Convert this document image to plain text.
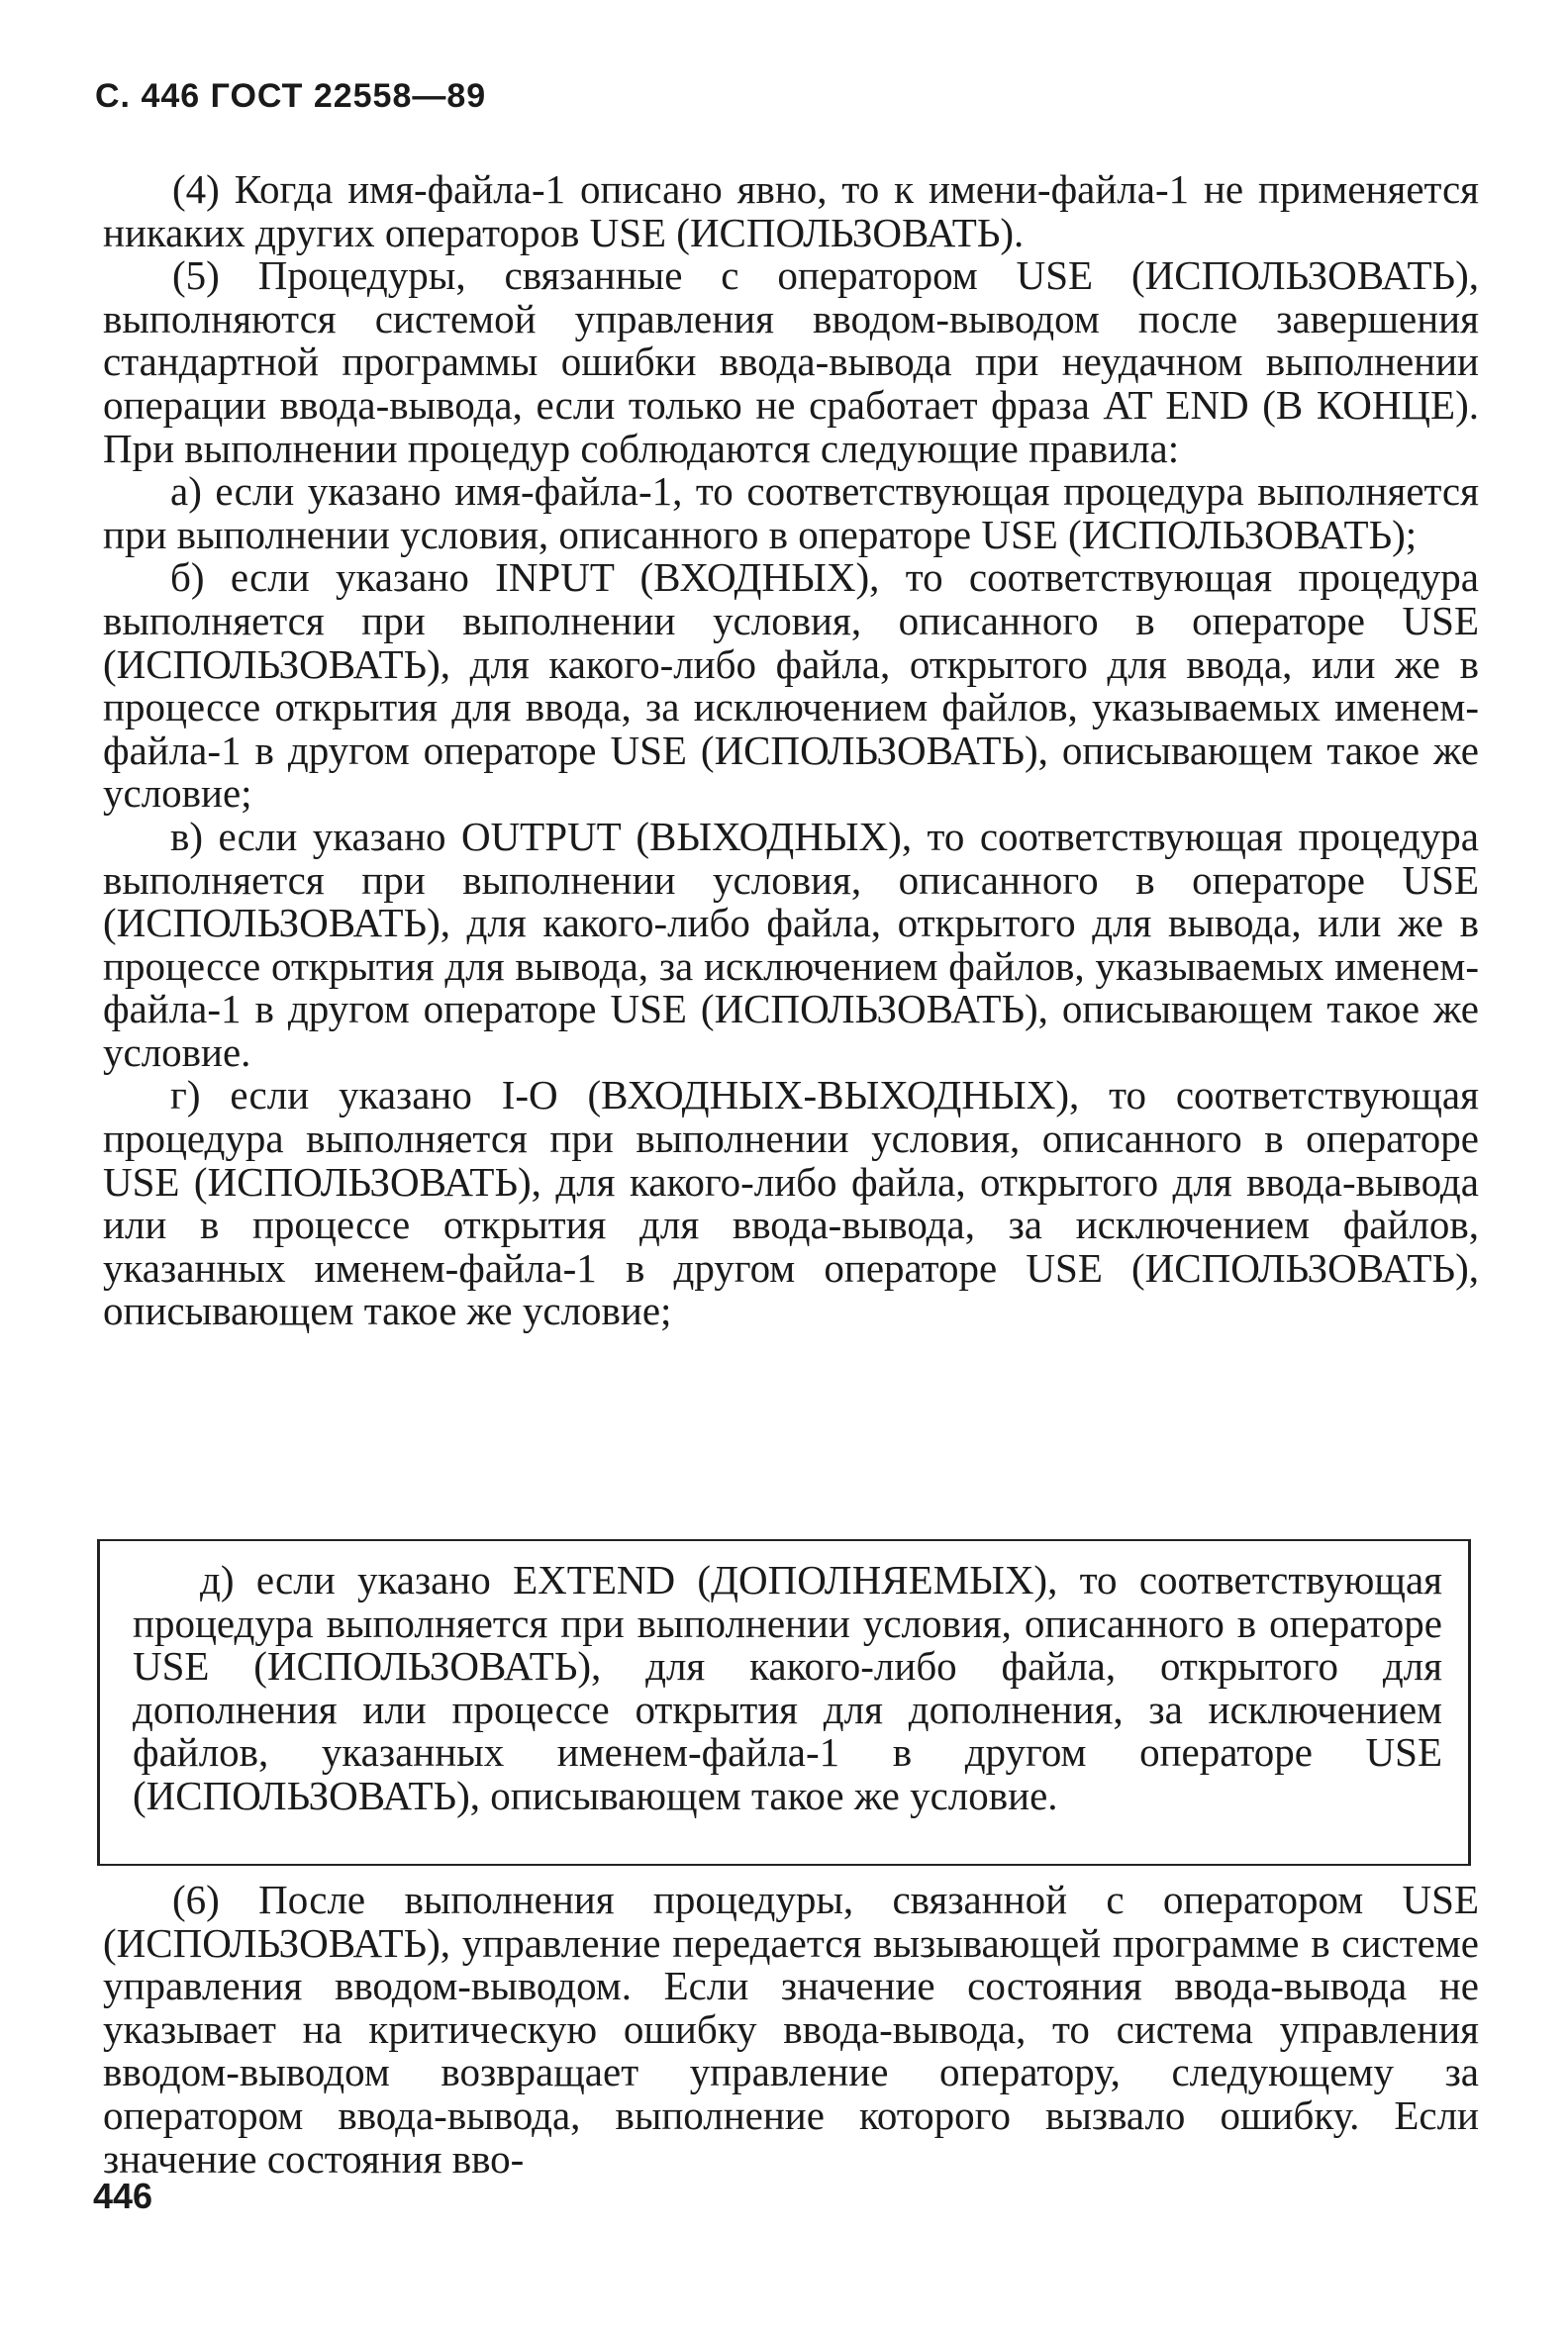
С. 446 ГОСТ 22558—89

(4) Когда имя-файла-1 описано явно, то к имени-файла-1 не применяется никаких других операторов USE (ИСПОЛЬЗОВАТЬ).

(5) Процедуры, связанные с оператором USE (ИСПОЛЬЗОВАТЬ), выполняются системой управления вводом-выводом после завершения стандартной программы ошибки ввода-вывода при неудачном выполнении операции ввода-вывода, если только не сработает фраза AT END (В КОНЦЕ). При выполнении процедур соблюдаются следующие правила:

а) если указано имя-файла-1, то соответствующая процедура выполняется при выполнении условия, описанного в операторе USE (ИСПОЛЬЗОВАТЬ);

б) если указано INPUT (ВХОДНЫХ), то соответствующая процедура выполняется при выполнении условия, описанного в операторе USE (ИСПОЛЬЗОВАТЬ), для какого-либо файла, открытого для ввода, или же в процессе открытия для ввода, за исключением файлов, указываемых именем-файла-1 в другом операторе USE (ИСПОЛЬЗОВАТЬ), описывающем такое же условие;

в) если указано OUTPUT (ВЫХОДНЫХ), то соответствующая процедура выполняется при выполнении условия, описанного в операторе USE (ИСПОЛЬЗОВАТЬ), для какого-либо файла, открытого для вывода, или же в процессе открытия для вывода, за исключением файлов, указываемых именем-файла-1 в другом операторе USE (ИСПОЛЬЗОВАТЬ), описывающем такое же условие.

г) если указано I-O (ВХОДНЫХ-ВЫХОДНЫХ), то соответствующая процедура выполняется при выполнении условия, описанного в операторе USE (ИСПОЛЬЗОВАТЬ), для какого-либо файла, открытого для ввода-вывода или в процессе открытия для ввода-вывода, за исключением файлов, указанных именем-файла-1 в другом операторе USE (ИСПОЛЬЗОВАТЬ), описывающем такое же условие;

д) если указано EXTEND (ДОПОЛНЯЕМЫХ), то соответствующая процедура выполняется при выполнении условия, описанного в операторе USE (ИСПОЛЬЗОВАТЬ), для какого-либо файла, открытого для дополнения или процессе открытия для дополнения, за исключением файлов, указанных именем-файла-1 в другом операторе USE (ИСПОЛЬЗОВАТЬ), описывающем такое же условие.

(6) После выполнения процедуры, связанной с оператором USE (ИСПОЛЬЗОВАТЬ), управление передается вызывающей программе в системе управления вводом-выводом. Если значение состояния ввода-вывода не указывает на критическую ошибку ввода-вывода, то система управления вводом-выводом возвращает управление оператору, следующему за оператором ввода-вывода, выполнение которого вызвало ошибку. Если значение состояния вво-

446
